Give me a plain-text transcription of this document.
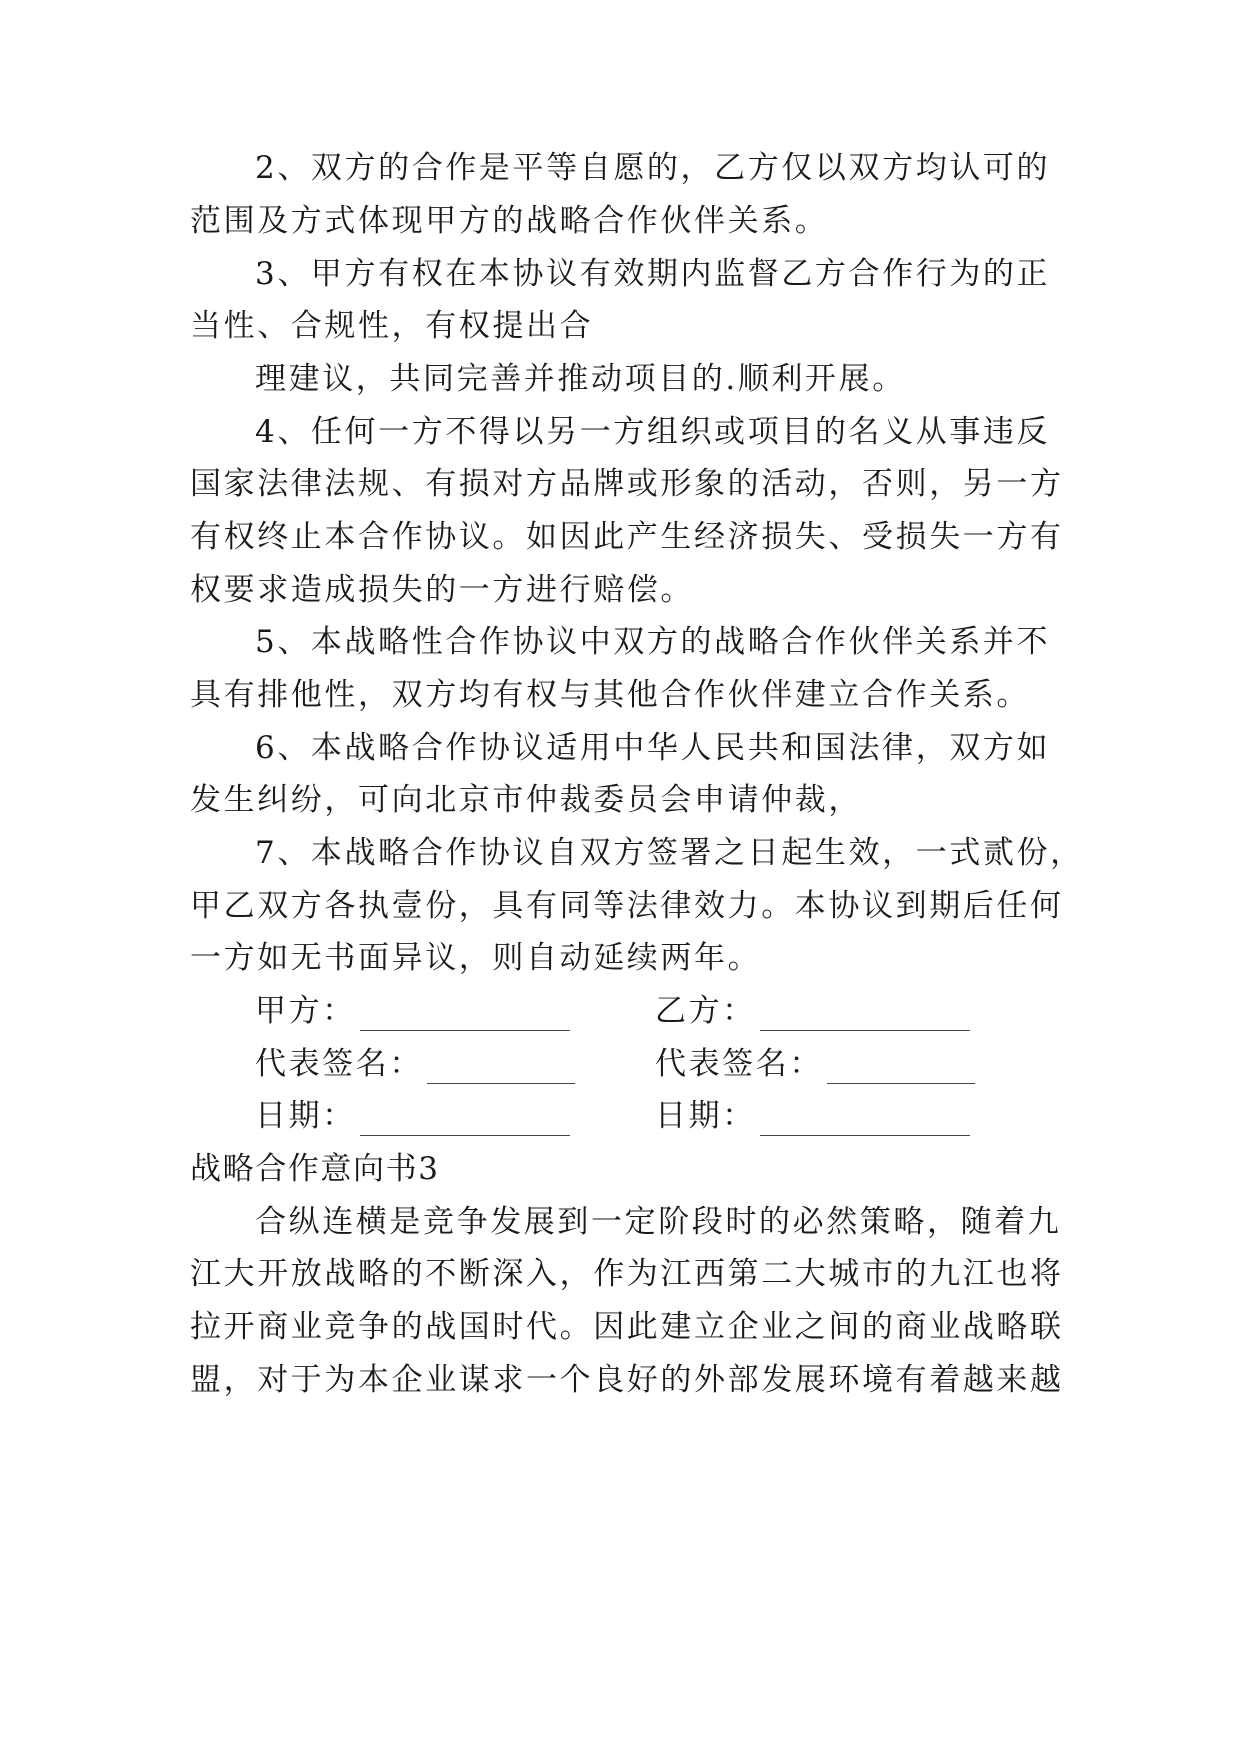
2、双方的合作是平等自愿的，乙方仅以双方均认可的
范围及方式体现甲方的战略合作伙伴关系。
3、甲方有权在本协议有效期内监督乙方合作行为的正
当性、合规性，有权提出合
理建议，共同完善并推动项目的.顺利开展。
4、任何一方不得以另一方组织或项目的名义从事违反
国家法律法规、有损对方品牌或形象的活动，否则，另一方
有权终止本合作协议。如因此产生经济损失、受损失一方有
权要求造成损失的一方进行赔偿。
5、本战略性合作协议中双方的战略合作伙伴关系并不
具有排他性，双方均有权与其他合作伙伴建立合作关系。
6、本战略合作协议适用中华人民共和国法律，双方如
发生纠纷，可向北京市仲裁委员会申请仲裁，
7、本战略合作协议自双方签署之日起生效，一式贰份，
甲乙双方各执壹份，具有同等法律效力。本协议到期后任何
一方如无书面异议，则自动延续两年。
甲方：	乙方：
代表签名：	代表签名：
日期：	日期：
战略合作意向书3
合纵连横是竞争发展到一定阶段时的必然策略，随着九
江大开放战略的不断深入，作为江西第二大城市的九江也将
拉开商业竞争的战国时代。因此建立企业之间的商业战略联
盟，对于为本企业谋求一个良好的外部发展环境有着越来越
